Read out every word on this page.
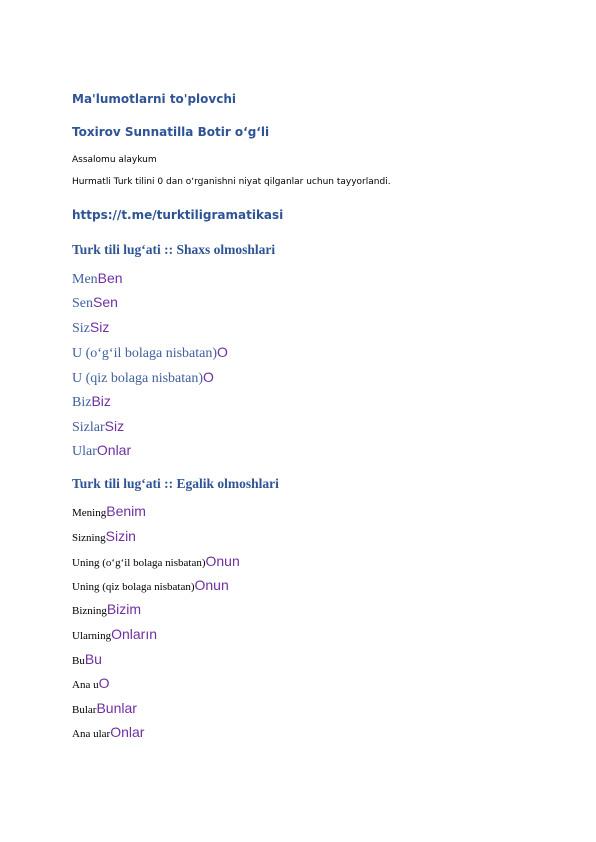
Ma'lumotlarni to'plovchi
Toxirov Sunnatilla Botir o‘g‘li
Assalomu alaykum
Hurmatli Turk tilini 0 dan o‘rganishni niyat qilganlar uchun tayyorlandi.
https://t.me/turktiligramatikasi
Turk tili lug‘ati :: Shaxs olmoshlari
MenBen
SenSen
SizSiz
U (o‘g‘il bolaga nisbatan)O
U (qiz bolaga nisbatan)O
BizBiz
SizlarSiz
UlarOnlar
Turk tili lug‘ati :: Egalik olmoshlari
MeningBenim
SizningSizin
Uning (o‘g‘il bolaga nisbatan)Onun
Uning (qiz bolaga nisbatan)Onun
BizningBizim
UlarningOnların
BuBu
Ana uO
BularBunlar
Ana ularOnlar
